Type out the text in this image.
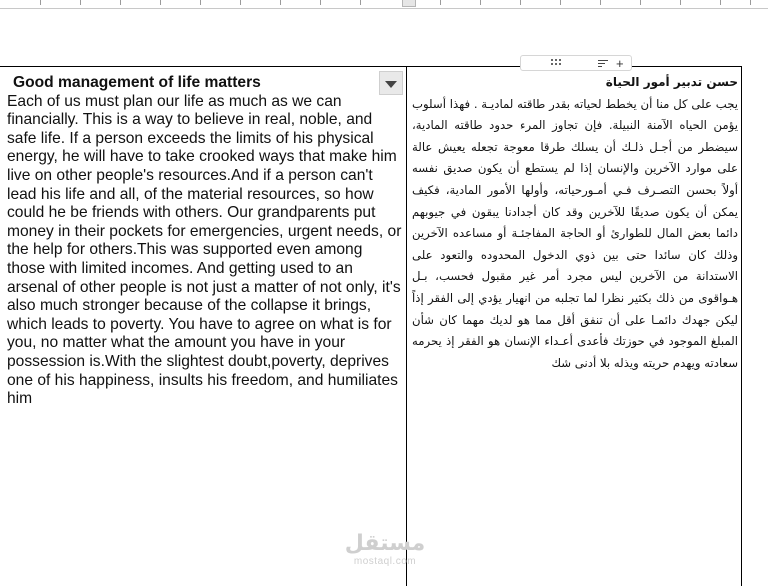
+
Good management of life matters

Each of us must plan our life as much as we can financially. This is a way to believe in real, noble, and safe life. If a person exceeds the limits of his physical energy, he will have to take crooked ways that make him live on other people's resources.And if a person can't lead his life and all, of the material resources, so how could he be friends with others. Our grandparents put money in their pockets for emergencies, urgent needs, or the help for others.This was supported even among those with limited incomes. And getting used to an arsenal of other people is not just a matter of not only, it's also much stronger because of the collapse it brings, which leads to poverty. You have to agree on what is for you, no matter what the amount you have in your possession is.With the slightest doubt,poverty, deprives one of his happiness, insults his freedom, and humiliates him

حسن تدبير أمور الحياة

يجب على كل منا أن يخطط لحياته بقدر طاقته لماديـة . فهذا أسلوب يؤمن الحياه الآمنة النبيلة. فإن تجاوز المرء حدود طاقته المادية، سيضطر من أجـل ذلـك أن يسلك طرقا معوجة تجعله يعيش عالة على موارد الآخرين والإنسان إذا لم يستطع أن يكون صديق نفسه أولاً بحسن التصـرف فـي أمـورحياته، وأولها الأمور المادية، فكيف يمكن أن يكون صديقًا للآخرين وقد كان أجدادنا يبقون في جيوبهم دائما بعض المال للطوارئ أو الحاجة المفاجئـة أو مساعده الآخرين وذلك كان سائدا حتى بين ذوي الدخول المحدوده والتعود على الاستدانة من الآخرين ليس مجرد أمر غير مقبول فحسب، بـل هـواقوى من ذلك بكثير نظرا لما تجلبه من انهيار يؤدي إلى الفقر إذاً ليكن جهدك دائمـا على أن تنفق أقل مما هو لديك مهما كان شأن المبلغ الموجود في حوزتك فأعدى أعـداء الإنسان هو الفقر إذ يحرمه سعادته ويهدم حريته ويذله بلا أدنى شك

مستقل
mostaql.com
